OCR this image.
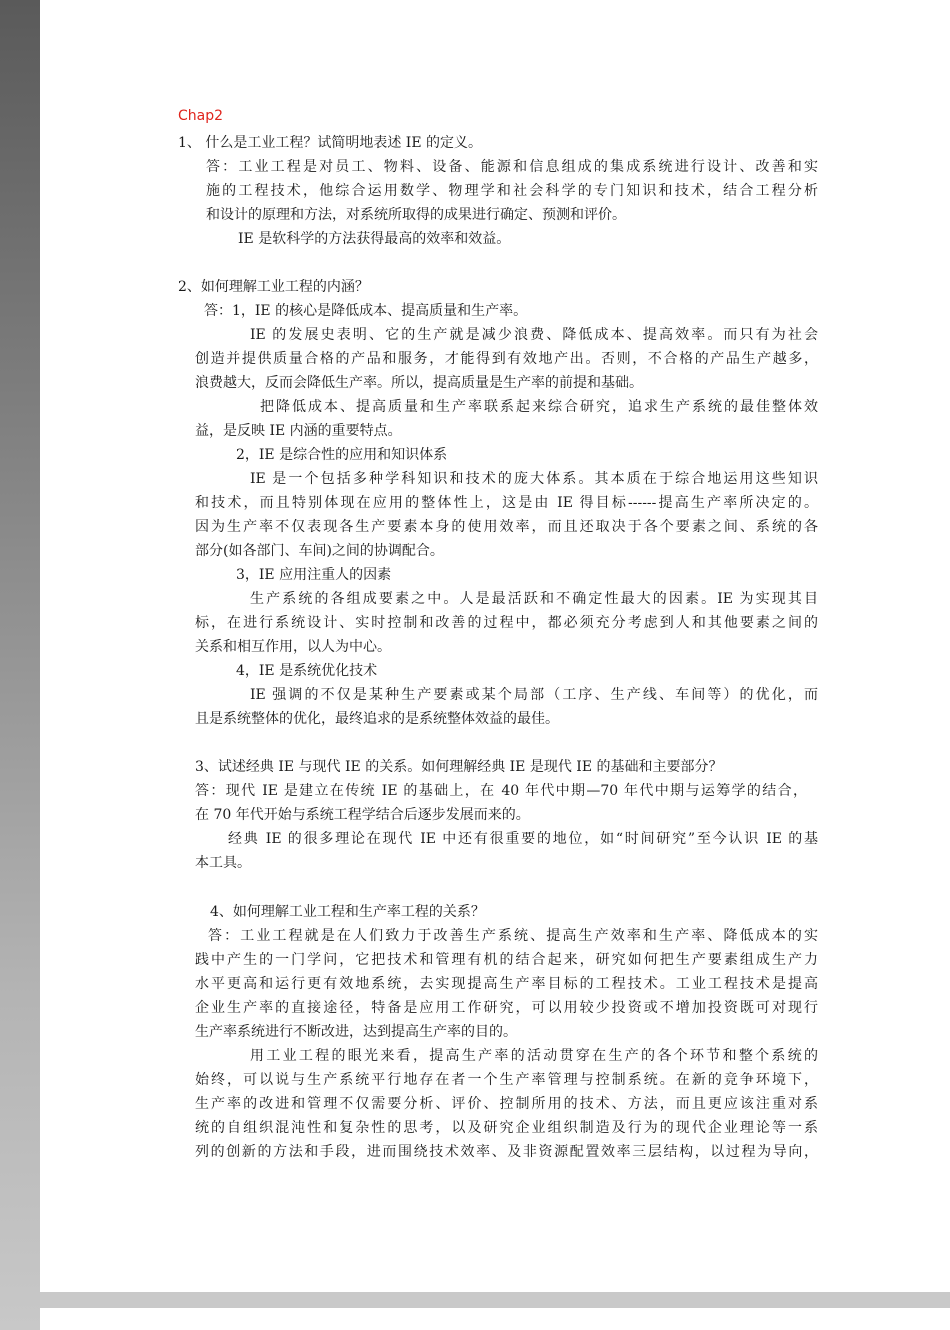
Chap2
1、 什么是工业工程？试简明地表述 IE 的定义。
答：工业工程是对员工、物料、设备、能源和信息组成的集成系统进行设计、改善和实
施的工程技术，他综合运用数学、物理学和社会科学的专门知识和技术，结合工程分析
和设计的原理和方法，对系统所取得的成果进行确定、预测和评价。
IE 是软科学的方法获得最高的效率和效益。
2、如何理解工业工程的内涵？
答：1，IE 的核心是降低成本、提高质量和生产率。
IE 的发展史表明、它的生产就是减少浪费、降低成本、提高效率。而只有为社会
创造并提供质量合格的产品和服务，才能得到有效地产出。否则，不合格的产品生产越多，
浪费越大，反而会降低生产率。所以，提高质量是生产率的前提和基础。
把降低成本、提高质量和生产率联系起来综合研究，追求生产系统的最佳整体效
益，是反映 IE 内涵的重要特点。
2，IE 是综合性的应用和知识体系
IE 是一个包括多种学科知识和技术的庞大体系。其本质在于综合地运用这些知识
和技术，而且特别体现在应用的整体性上，这是由 IE 得目标------提高生产率所决定的。
因为生产率不仅表现各生产要素本身的使用效率，而且还取决于各个要素之间、系统的各
部分(如各部门、车间)之间的协调配合。
3，IE 应用注重人的因素
生产系统的各组成要素之中。人是最活跃和不确定性最大的因素。IE 为实现其目
标，在进行系统设计、实时控制和改善的过程中，都必须充分考虑到人和其他要素之间的
关系和相互作用，以人为中心。
4，IE 是系统优化技术
IE 强调的不仅是某种生产要素或某个局部（工序、生产线、车间等）的优化，而
且是系统整体的优化，最终追求的是系统整体效益的最佳。
3、试述经典 IE 与现代 IE 的关系。如何理解经典 IE 是现代 IE 的基础和主要部分？
答：现代 IE 是建立在传统 IE 的基础上，在 40 年代中期—70 年代中期与运筹学的结合，
在 70 年代开始与系统工程学结合后逐步发展而来的。
经典 IE 的很多理论在现代 IE 中还有很重要的地位，如“时间研究”至今认识 IE 的基
本工具。
4、如何理解工业工程和生产率工程的关系？
答：工业工程就是在人们致力于改善生产系统、提高生产效率和生产率、降低成本的实
践中产生的一门学问，它把技术和管理有机的结合起来，研究如何把生产要素组成生产力
水平更高和运行更有效地系统，去实现提高生产率目标的工程技术。工业工程技术是提高
企业生产率的直接途径，特备是应用工作研究，可以用较少投资或不增加投资既可对现行
生产率系统进行不断改进，达到提高生产率的目的。
用工业工程的眼光来看，提高生产率的活动贯穿在生产的各个环节和整个系统的
始终，可以说与生产系统平行地存在者一个生产率管理与控制系统。在新的竞争环境下，
生产率的改进和管理不仅需要分析、评价、控制所用的技术、方法，而且更应该注重对系
统的自组织混沌性和复杂性的思考，以及研究企业组织制造及行为的现代企业理论等一系
列的创新的方法和手段，进而围绕技术效率、及非资源配置效率三层结构，以过程为导向，
